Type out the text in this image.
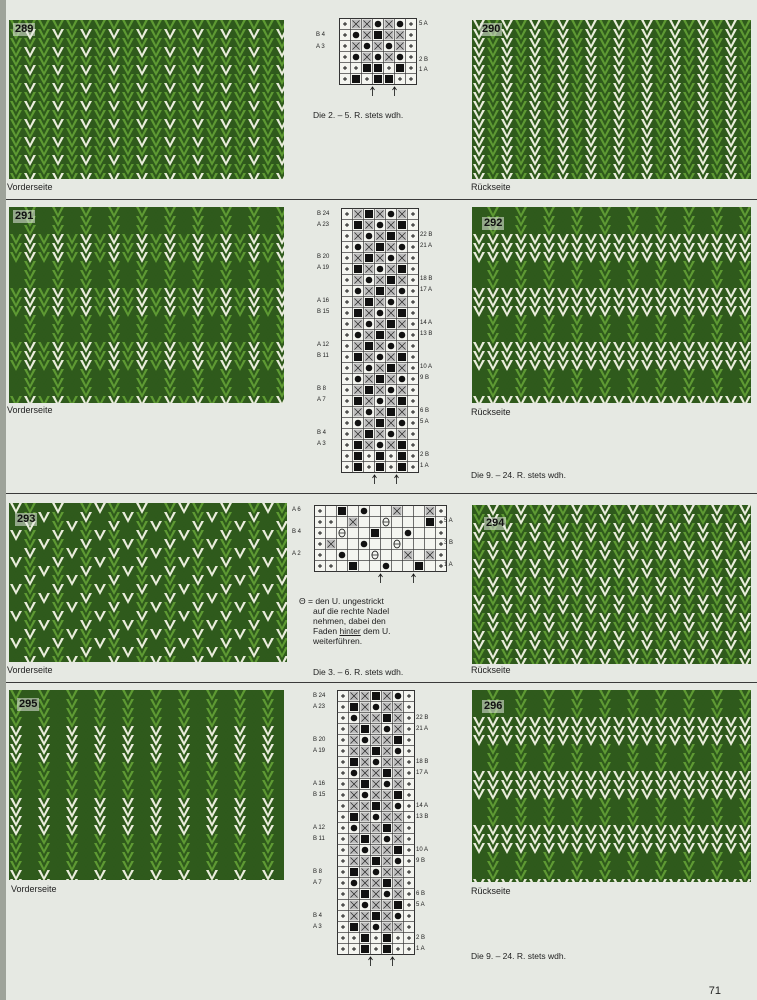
289
Vorderseite
B 4
A 3
5 A
2 B
1 A
Die 2. – 5. R. stets wdh.
290
Rückseite
291
Vorderseite
B 24
A 23
B 20
A 19
A 16
B 15
A 12
B 11
B 8
A 7
B 4
A 3
22 B
21 A
18 B
17 A
14 A
13 B
10 A
9 B
6 B
5 A
2 B
1 A
292
Rückseite
Die 9. – 24. R. stets wdh.
293
Vorderseite
A 6
B 4
A 2
5 A
3 B
1 A
Θ = den U. ungestrickt
auf die rechte Nadel
nehmen, dabei den
Faden hinter dem U.
weiterführen.
Die 3. – 6. R. stets wdh.
294
Rückseite
295
Vorderseite
B 24
A 23
B 20
A 19
A 16
B 15
A 12
B 11
B 8
A 7
B 4
A 3
22 B
21 A
18 B
17 A
14 A
13 B
10 A
9 B
6 B
5 A
2 B
1 A
296
Rückseite
Die 9. – 24. R. stets wdh.
71
